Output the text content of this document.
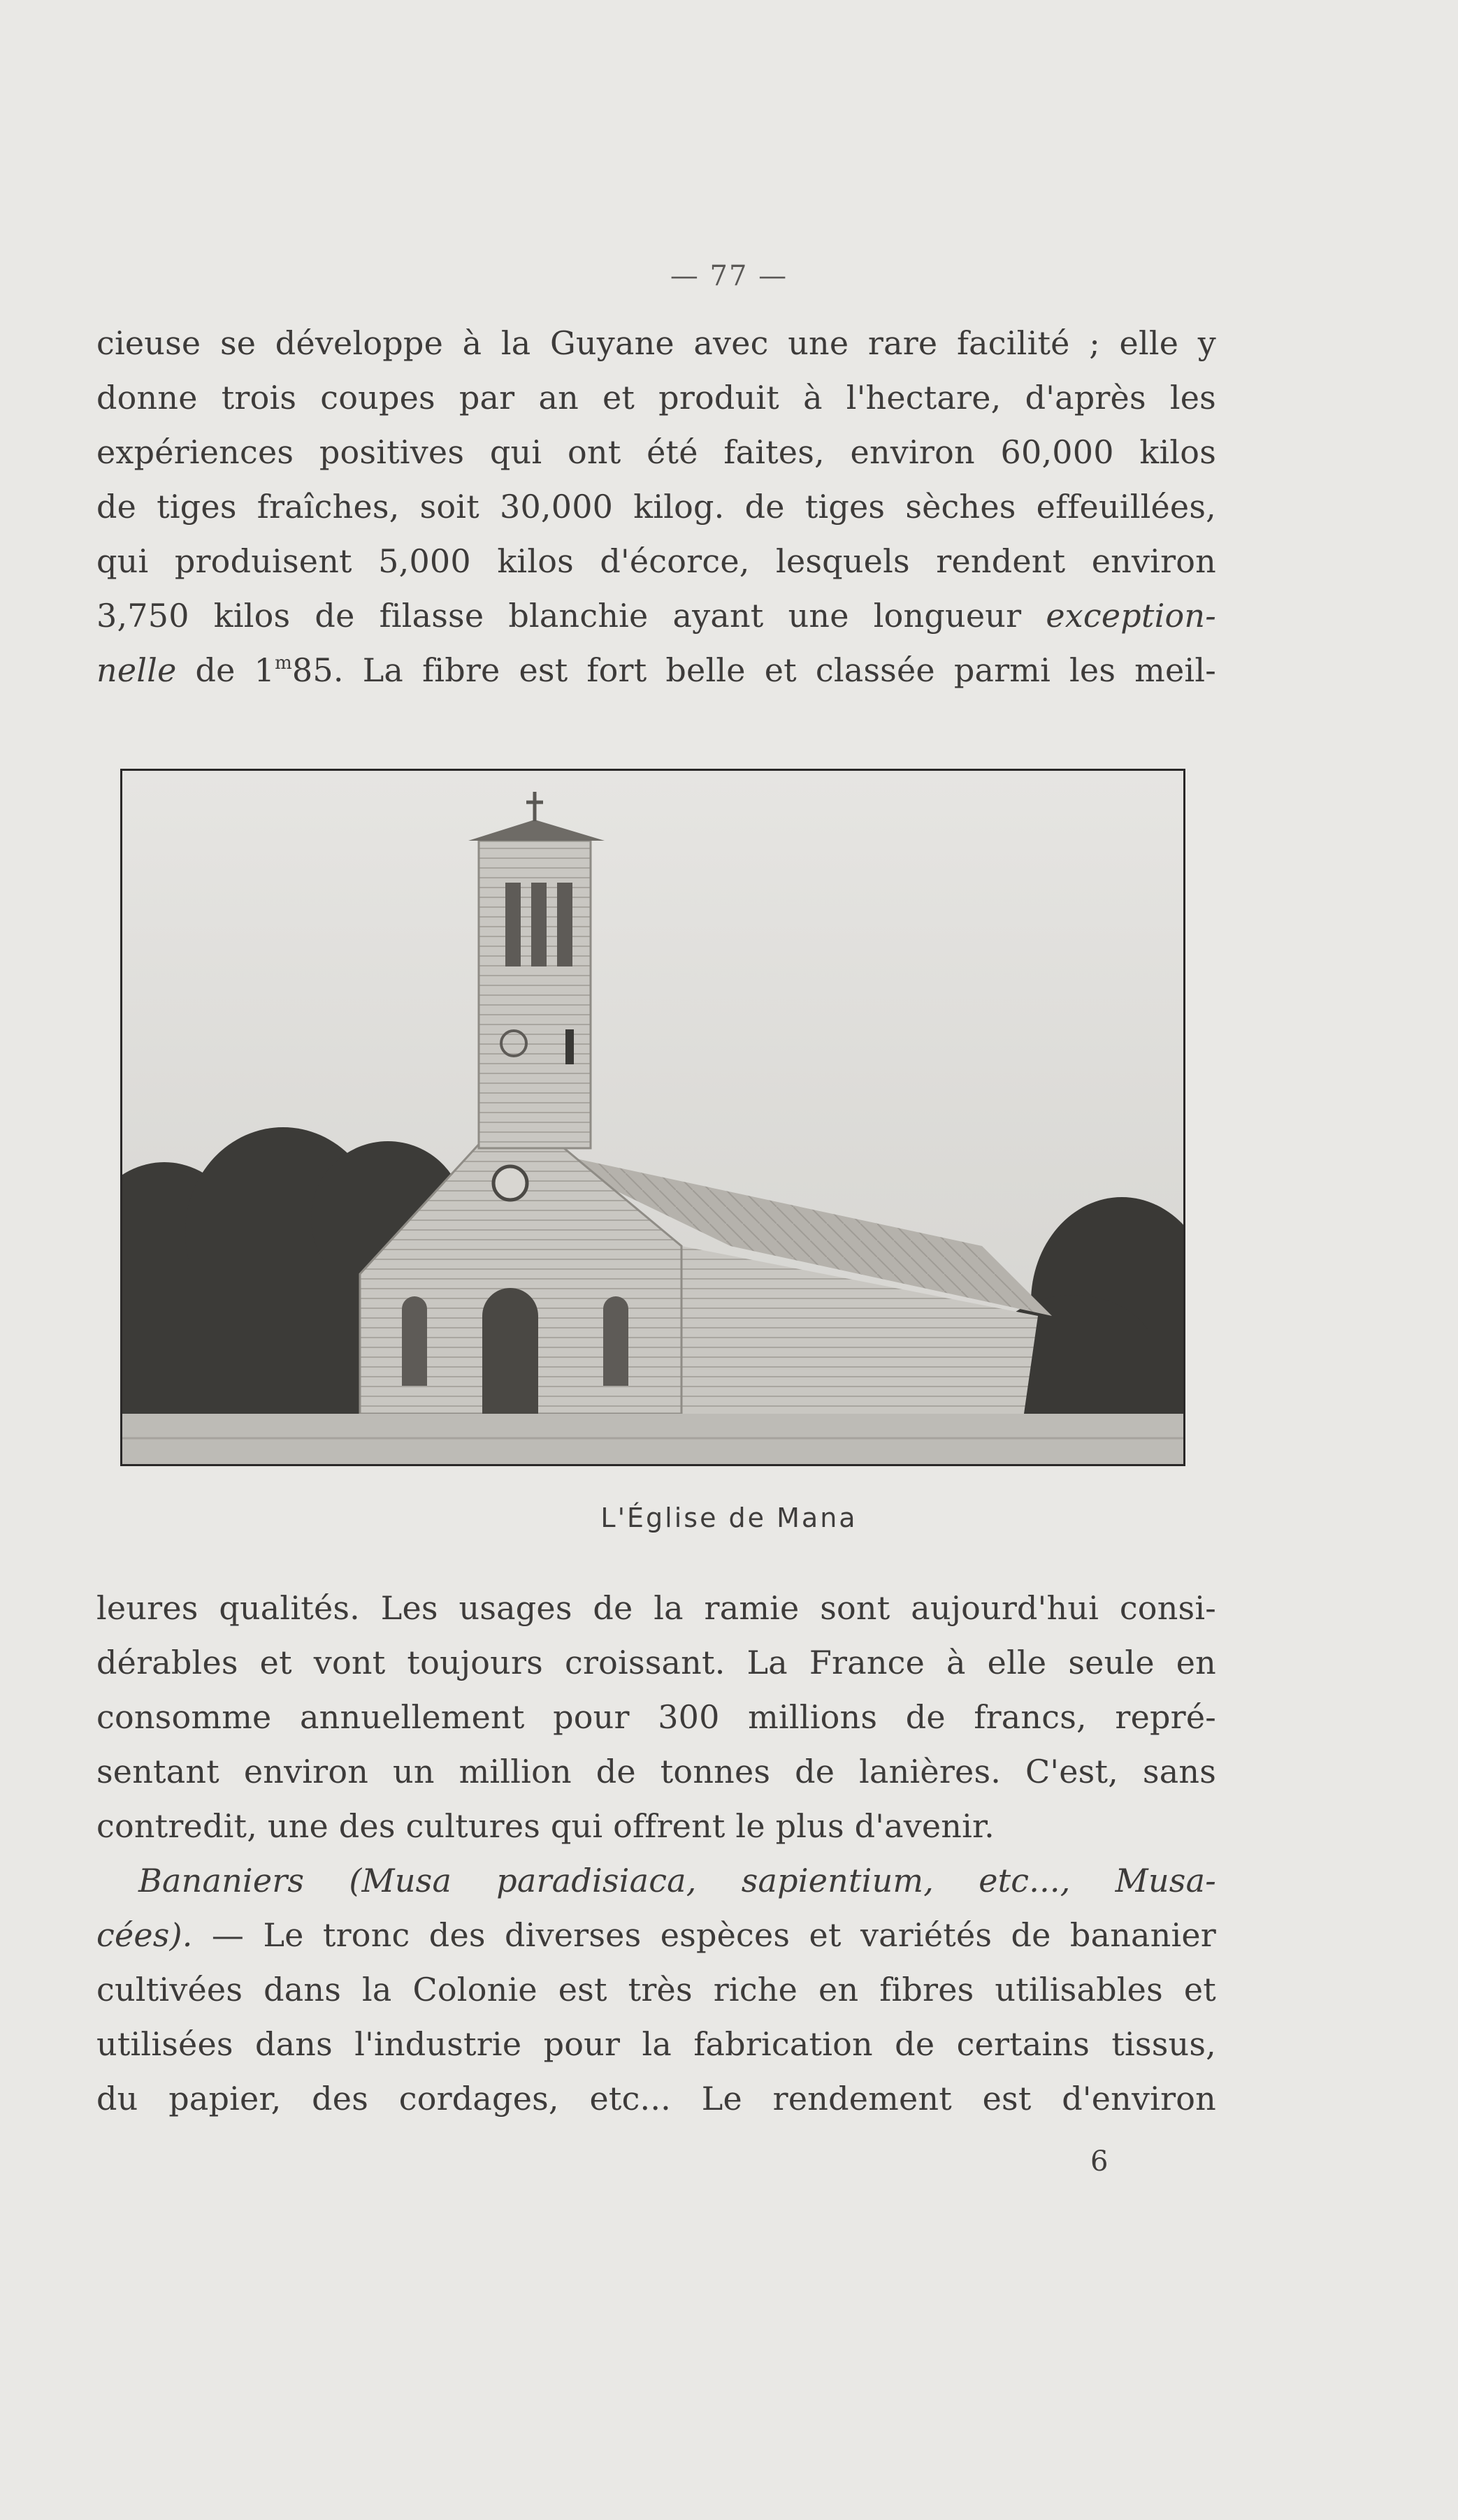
— 77 —
cieuse se développe à la Guyane avec une rare facilité ; elle y
donne trois coupes par an et produit à l'hectare, d'après les
expériences positives qui ont été faites, environ 60,000 kilos
de tiges fraîches, soit 30,000 kilog. de tiges sèches effeuillées,
qui produisent 5,000 kilos d'écorce, lesquels rendent environ
3,750 kilos de filasse blanchie ayant une longueur exception-
nelle de 1$^m$85. La fibre est fort belle et classée parmi les meil-
L'Église de Mana
leures qualités. Les usages de la ramie sont aujourd'hui consi-
dérables et vont toujours croissant. La France à elle seule en
consomme annuellement pour 300 millions de francs, repré-
sentant environ un million de tonnes de lanières. C'est, sans
contredit, une des cultures qui offrent le plus d'avenir.
Bananiers (Musa paradisiaca, sapientium, etc..., Musa-
cées). — Le tronc des diverses espèces et variétés de bananier
cultivées dans la Colonie est très riche en fibres utilisables et
utilisées dans l'industrie pour la fabrication de certains tissus,
du papier, des cordages, etc... Le rendement est d'environ
6
